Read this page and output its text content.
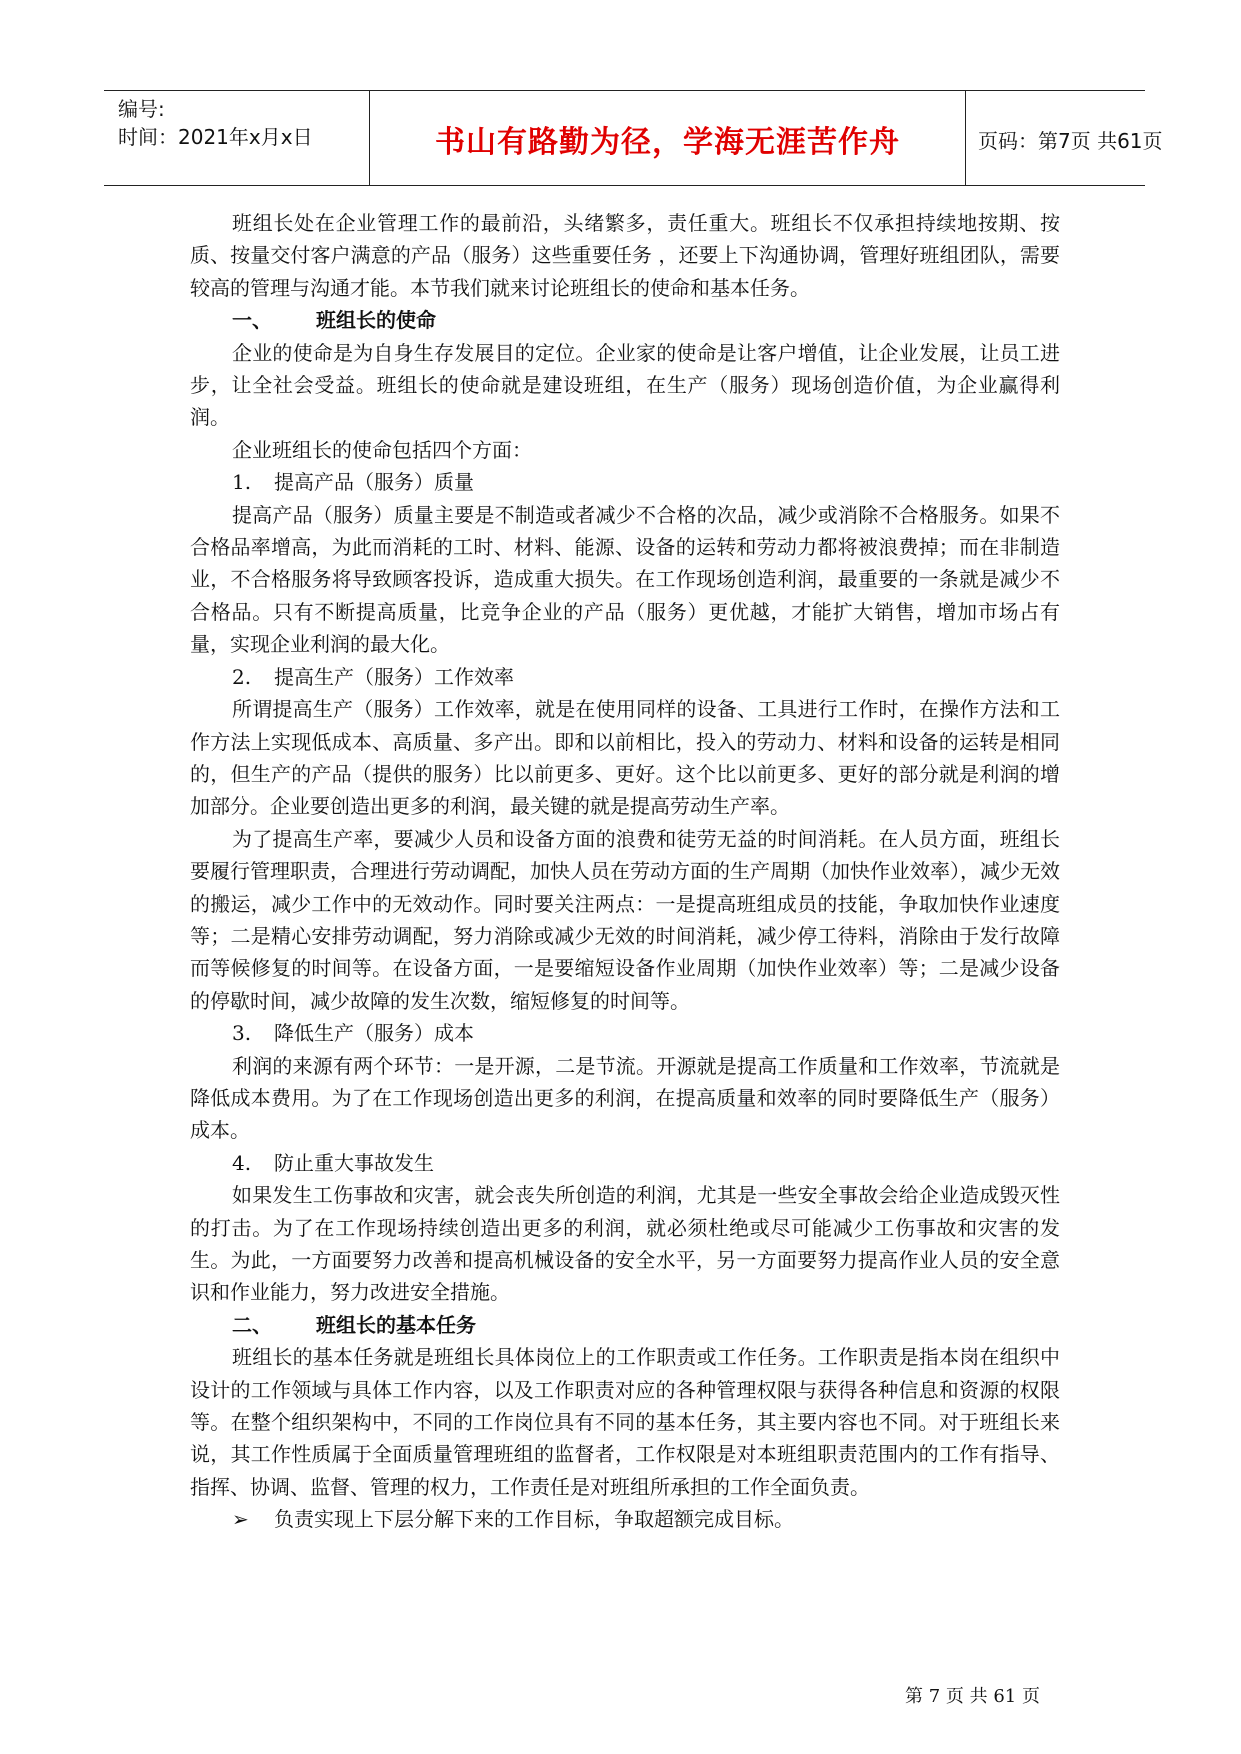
编号:
时间：2021年x月x日	书山有路勤为径，学海无涯苦作舟	页码：第7页 共61页

班组长处在企业管理工作的最前沿，头绪繁多，责任重大。班组长不仅承担持续地按期、按质、按量交付客户满意的产品（服务）这些重要任务 ，还要上下沟通协调，管理好班组团队，需要较高的管理与沟通才能。本节我们就来讨论班组长的使命和基本任务。

一、 班组长的使命

企业的使命是为自身生存发展目的定位。企业家的使命是让客户增值，让企业发展，让员工进步，让全社会受益。班组长的使命就是建设班组，在生产（服务）现场创造价值，为企业赢得利润。

企业班组长的使命包括四个方面：

1. 提高产品（服务）质量

提高产品（服务）质量主要是不制造或者减少不合格的次品，减少或消除不合格服务。如果不合格品率增高，为此而消耗的工时、材料、能源、设备的运转和劳动力都将被浪费掉；而在非制造业，不合格服务将导致顾客投诉，造成重大损失。在工作现场创造利润，最重要的一条就是减少不合格品。只有不断提高质量，比竞争企业的产品（服务）更优越，才能扩大销售，增加市场占有量，实现企业利润的最大化。

2. 提高生产（服务）工作效率

所谓提高生产（服务）工作效率，就是在使用同样的设备、工具进行工作时，在操作方法和工作方法上实现低成本、高质量、多产出。即和以前相比，投入的劳动力、材料和设备的运转是相同的，但生产的产品（提供的服务）比以前更多、更好。这个比以前更多、更好的部分就是利润的增加部分。企业要创造出更多的利润，最关键的就是提高劳动生产率。

为了提高生产率，要减少人员和设备方面的浪费和徒劳无益的时间消耗。在人员方面，班组长要履行管理职责，合理进行劳动调配，加快人员在劳动方面的生产周期（加快作业效率），减少无效的搬运，减少工作中的无效动作。同时要关注两点：一是提高班组成员的技能，争取加快作业速度等；二是精心安排劳动调配，努力消除或减少无效的时间消耗，减少停工待料，消除由于发行故障而等候修复的时间等。在设备方面，一是要缩短设备作业周期（加快作业效率）等；二是减少设备的停歇时间，减少故障的发生次数，缩短修复的时间等。

3. 降低生产（服务）成本

利润的来源有两个环节：一是开源，二是节流。开源就是提高工作质量和工作效率，节流就是降低成本费用。为了在工作现场创造出更多的利润，在提高质量和效率的同时要降低生产（服务）成本。

4. 防止重大事故发生

如果发生工伤事故和灾害，就会丧失所创造的利润，尤其是一些安全事故会给企业造成毁灭性的打击。为了在工作现场持续创造出更多的利润，就必须杜绝或尽可能减少工伤事故和灾害的发生。为此，一方面要努力改善和提高机械设备的安全水平，另一方面要努力提高作业人员的安全意识和作业能力，努力改进安全措施。

二、 班组长的基本任务

班组长的基本任务就是班组长具体岗位上的工作职责或工作任务。工作职责是指本岗在组织中设计的工作领域与具体工作内容，以及工作职责对应的各种管理权限与获得各种信息和资源的权限等。在整个组织架构中，不同的工作岗位具有不同的基本任务，其主要内容也不同。对于班组长来说，其工作性质属于全面质量管理班组的监督者，工作权限是对本班组职责范围内的工作有指导、指挥、协调、监督、管理的权力，工作责任是对班组所承担的工作全面负责。

➢ 负责实现上下层分解下来的工作目标，争取超额完成目标。

第 7 页 共 61 页
